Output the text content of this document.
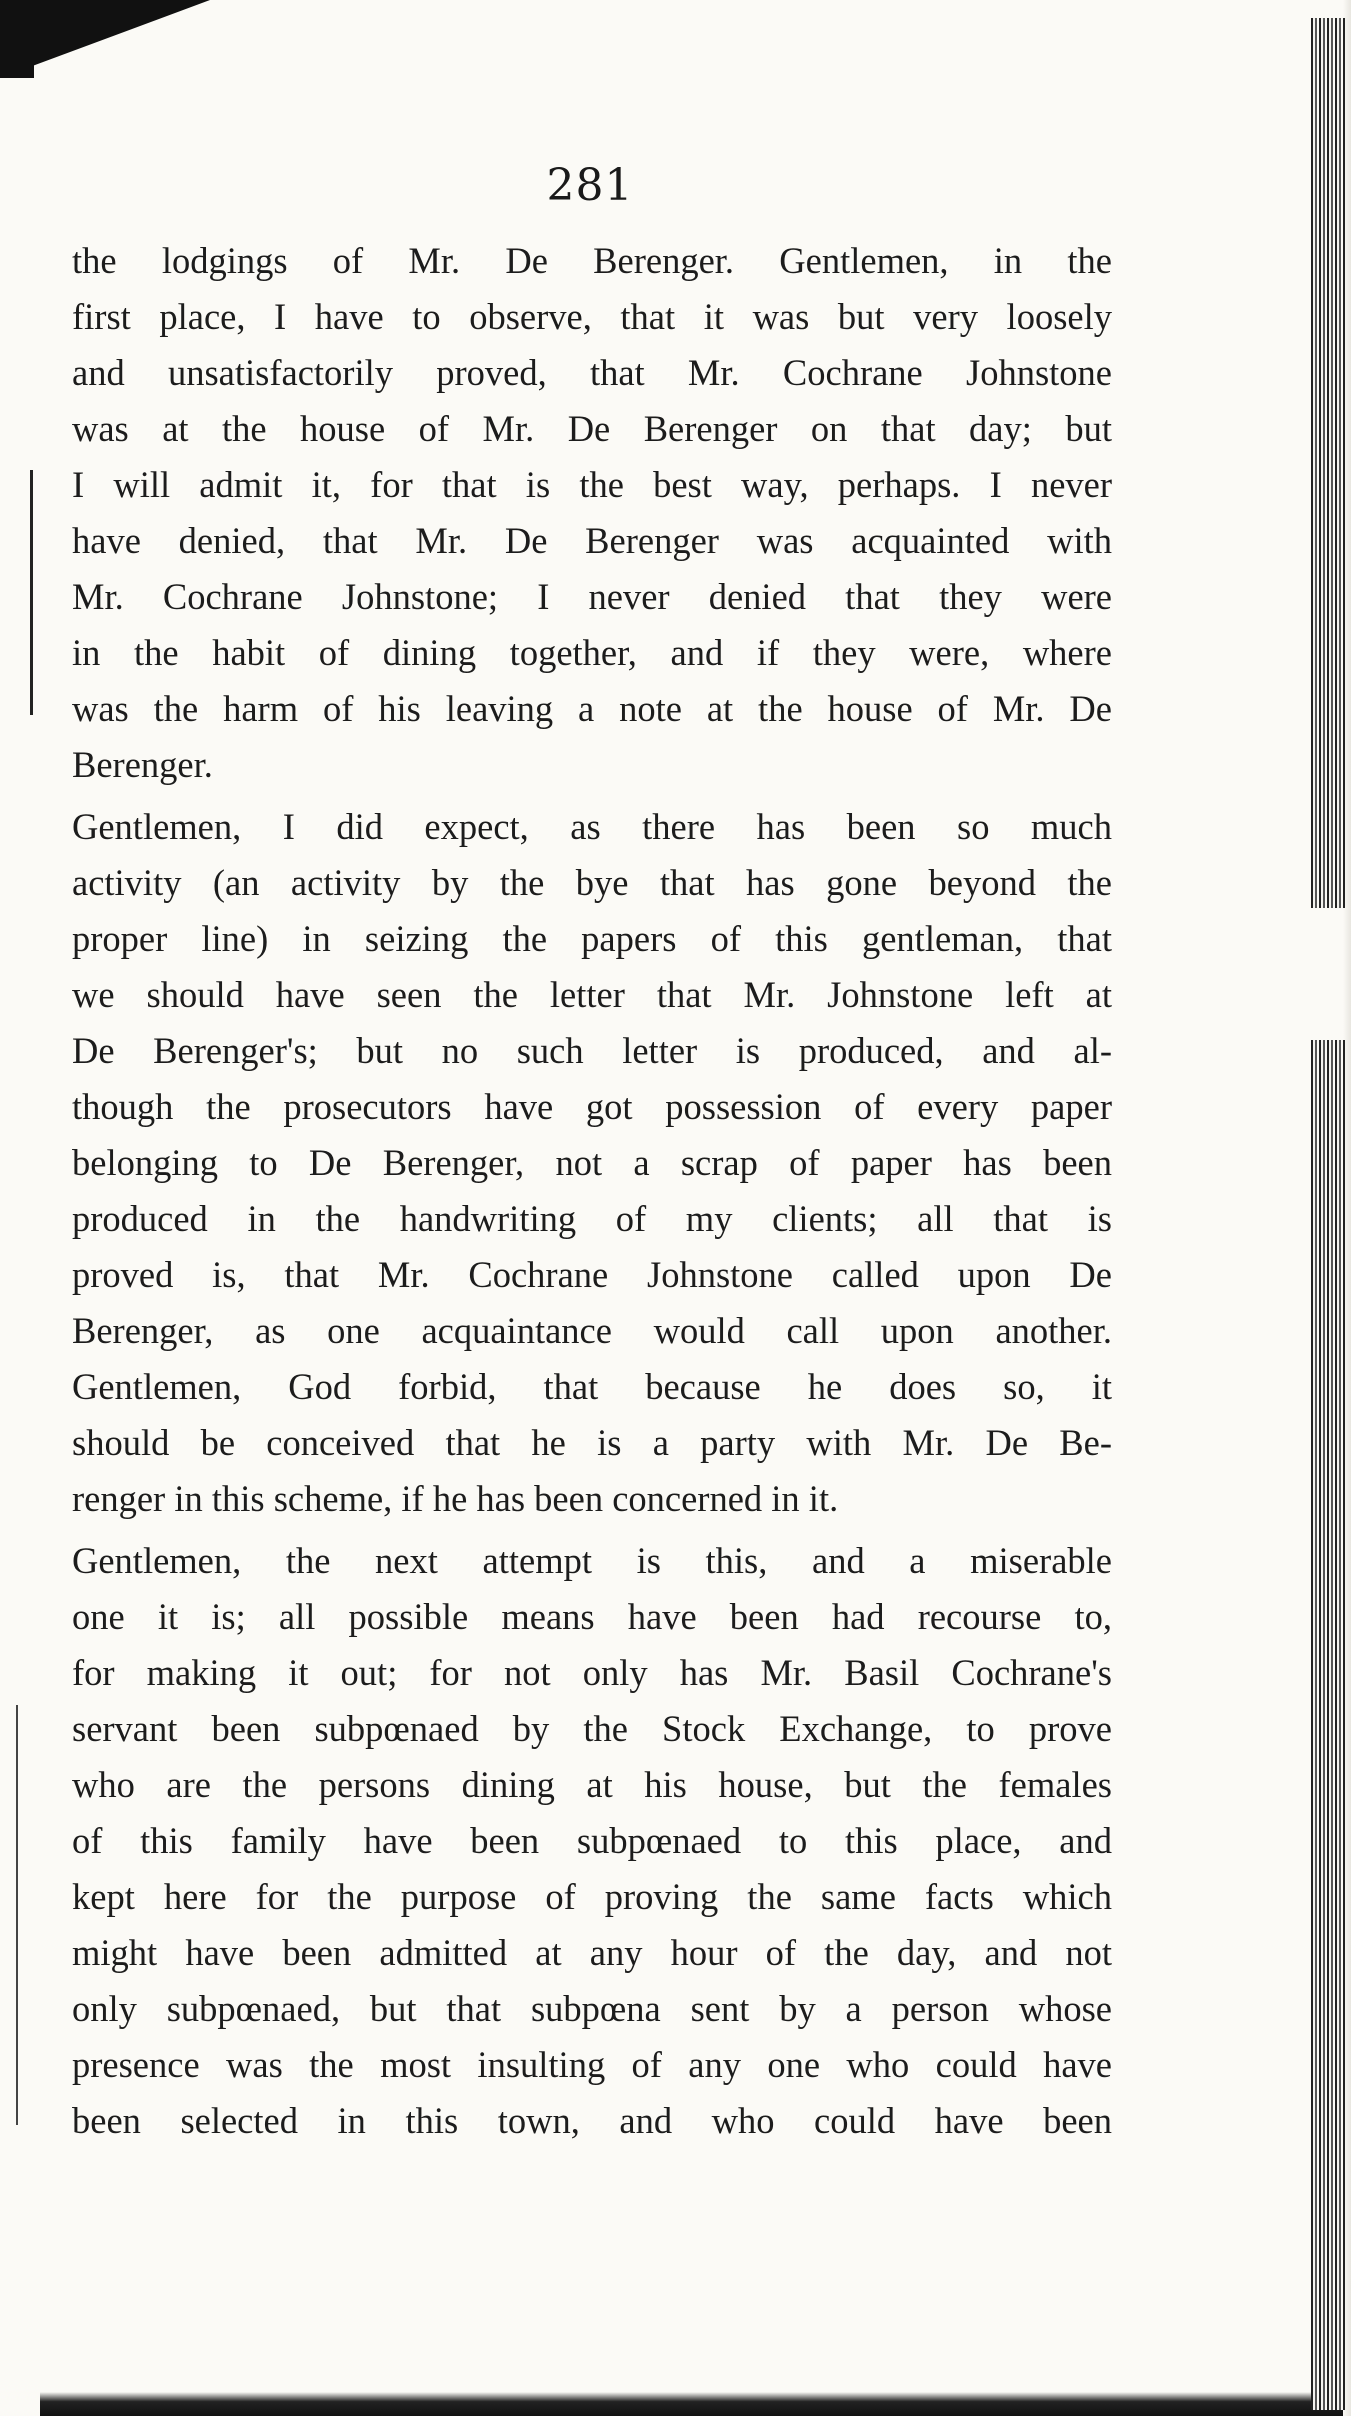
281
the lodgings of Mr. De Berenger. Gentlemen, in the
first place, I have to observe, that it was but very loosely
and unsatisfactorily proved, that Mr. Cochrane Johnstone
was at the house of Mr. De Berenger on that day; but
I will admit it, for that is the best way, perhaps. I never
have denied, that Mr. De Berenger was acquainted with
Mr. Cochrane Johnstone; I never denied that they were
in the habit of dining together, and if they were, where
was the harm of his leaving a note at the house of Mr. De
Berenger.
Gentlemen, I did expect, as there has been so much
activity (an activity by the bye that has gone beyond the
proper line) in seizing the papers of this gentleman, that
we should have seen the letter that Mr. Johnstone left at
De Berenger's; but no such letter is produced, and al-
though the prosecutors have got possession of every paper
belonging to De Berenger, not a scrap of paper has been
produced in the handwriting of my clients; all that is
proved is, that Mr. Cochrane Johnstone called upon De
Berenger, as one acquaintance would call upon another.
Gentlemen, God forbid, that because he does so, it
should be conceived that he is a party with Mr. De Be-
renger in this scheme, if he has been concerned in it.
Gentlemen, the next attempt is this, and a miserable
one it is; all possible means have been had recourse to,
for making it out; for not only has Mr. Basil Cochrane's
servant been subpœnaed by the Stock Exchange, to prove
who are the persons dining at his house, but the females
of this family have been subpœnaed to this place, and
kept here for the purpose of proving the same facts which
might have been admitted at any hour of the day, and not
only subpœnaed, but that subpœna sent by a person whose
presence was the most insulting of any one who could have
been selected in this town, and who could have been
